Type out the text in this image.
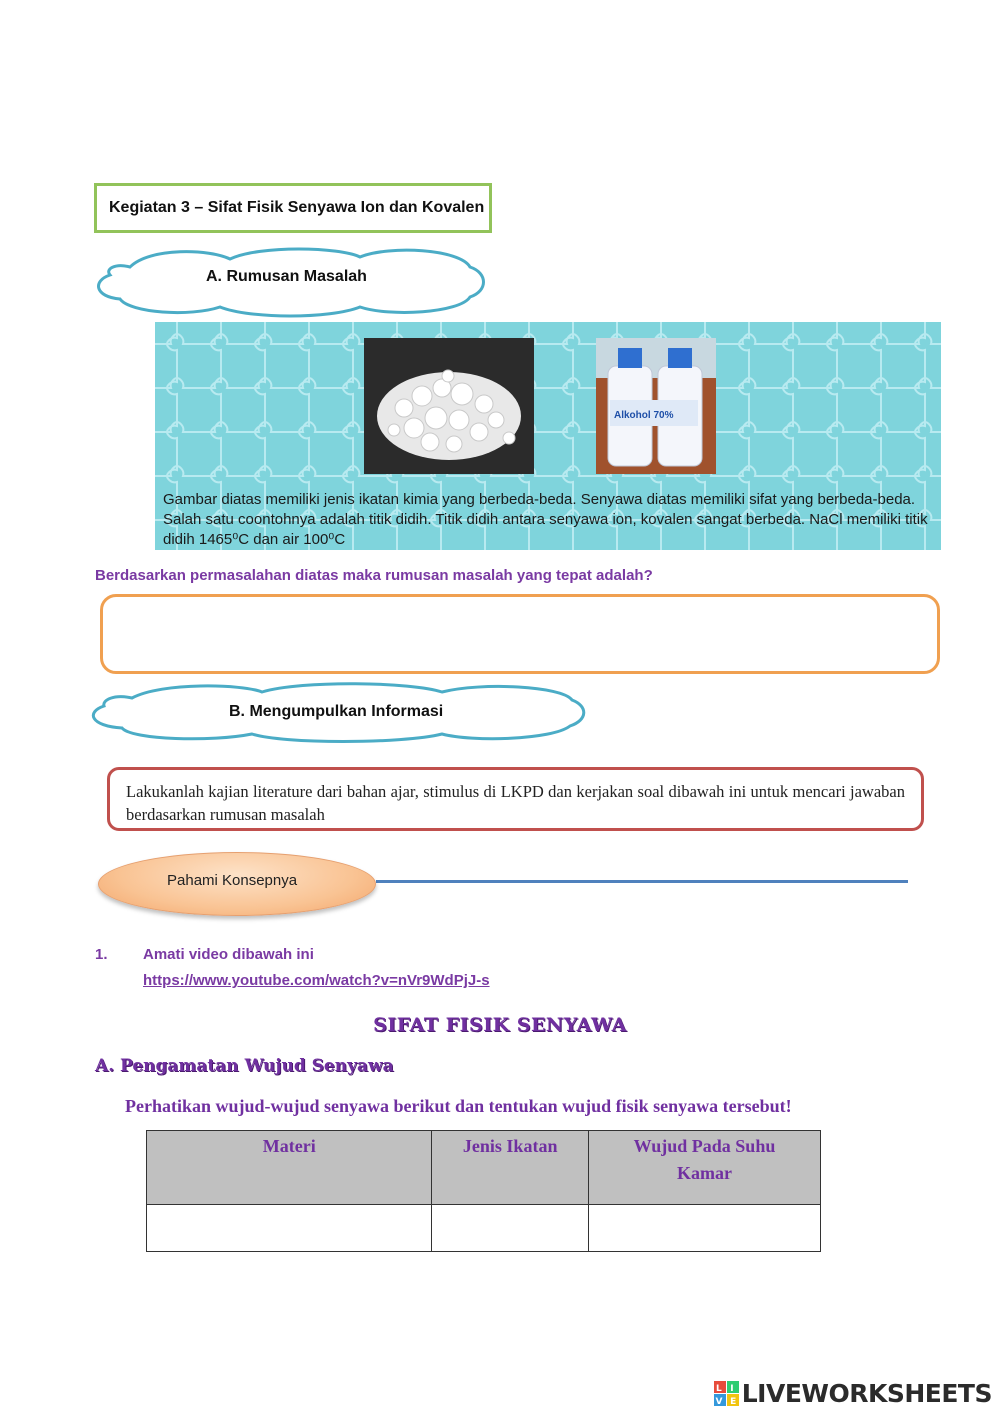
Kegiatan 3 – Sifat Fisik Senyawa Ion dan Kovalen
A. Rumusan Masalah
Alkohol 70%
Gambar diatas memiliki jenis ikatan kimia yang berbeda-beda. Senyawa diatas memiliki sifat yang berbeda-beda. Salah satu coontohnya adalah titik didih. Titik didih antara senyawa ion, kovalen sangat berbeda. NaCl memiliki titik didih 1465⁰C dan air 100⁰C
Berdasarkan permasalahan diatas maka rumusan masalah yang tepat adalah?
B. Mengumpulkan Informasi
Lakukanlah kajian literature dari bahan ajar, stimulus di LKPD dan kerjakan soal dibawah ini untuk mencari jawaban berdasarkan rumusan masalah
Pahami Konsepnya
1. Amati video dibawah ini
https://www.youtube.com/watch?v=nVr9WdPjJ-s
SIFAT FISIK SENYAWA
A. Pengamatan Wujud Senyawa
Perhatikan wujud-wujud senyawa berikut dan tentukan wujud fisik senyawa tersebut!
Materi	Jenis Ikatan	Wujud Pada Suhu Kamar

L I V E LIVEWORKSHEETS
